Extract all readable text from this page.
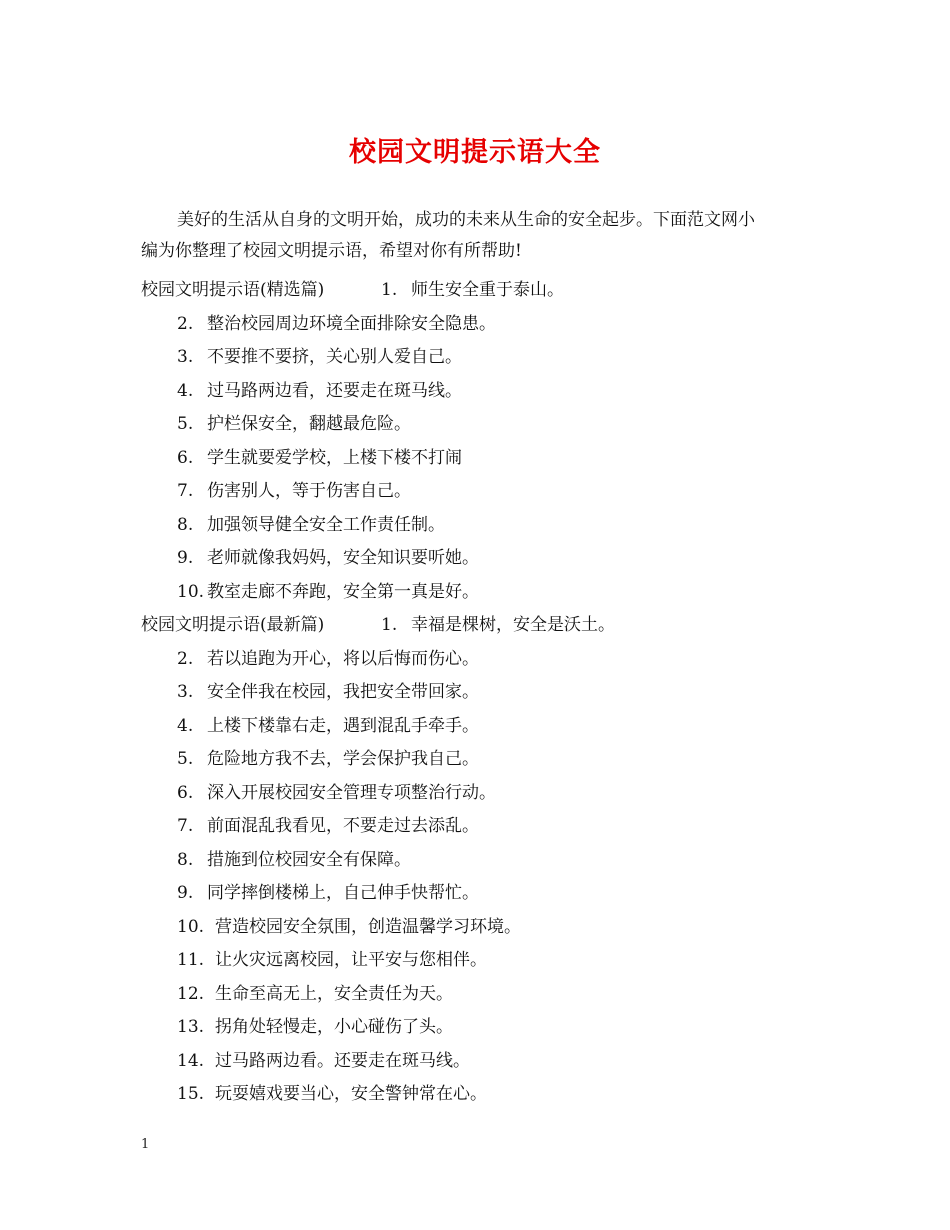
校园文明提示语大全
美好的生活从自身的文明开始，成功的未来从生命的安全起步。下面范文网小
编为你整理了校园文明提示语，希望对你有所帮助!
校园文明提示语(精选篇)	1. 师生安全重于泰山。
2. 整治校园周边环境全面排除安全隐患。
3. 不要推不要挤，关心别人爱自己。
4. 过马路两边看，还要走在斑马线。
5. 护栏保安全，翻越最危险。
6. 学生就要爱学校，上楼下楼不打闹
7. 伤害别人，等于伤害自己。
8. 加强领导健全安全工作责任制。
9. 老师就像我妈妈，安全知识要听她。
10. 教室走廊不奔跑，安全第一真是好。
校园文明提示语(最新篇)	1. 幸福是棵树，安全是沃土。
2. 若以追跑为开心，将以后悔而伤心。
3. 安全伴我在校园，我把安全带回家。
4. 上楼下楼靠右走，遇到混乱手牵手。
5. 危险地方我不去，学会保护我自己。
6. 深入开展校园安全管理专项整治行动。
7. 前面混乱我看见，不要走过去添乱。
8. 措施到位校园安全有保障。
9. 同学摔倒楼梯上，自己伸手快帮忙。
10. 营造校园安全氛围，创造温馨学习环境。
11. 让火灾远离校园，让平安与您相伴。
12. 生命至高无上，安全责任为天。
13. 拐角处轻慢走，小心碰伤了头。
14. 过马路两边看。还要走在斑马线。
15. 玩耍嬉戏要当心，安全警钟常在心。
1
